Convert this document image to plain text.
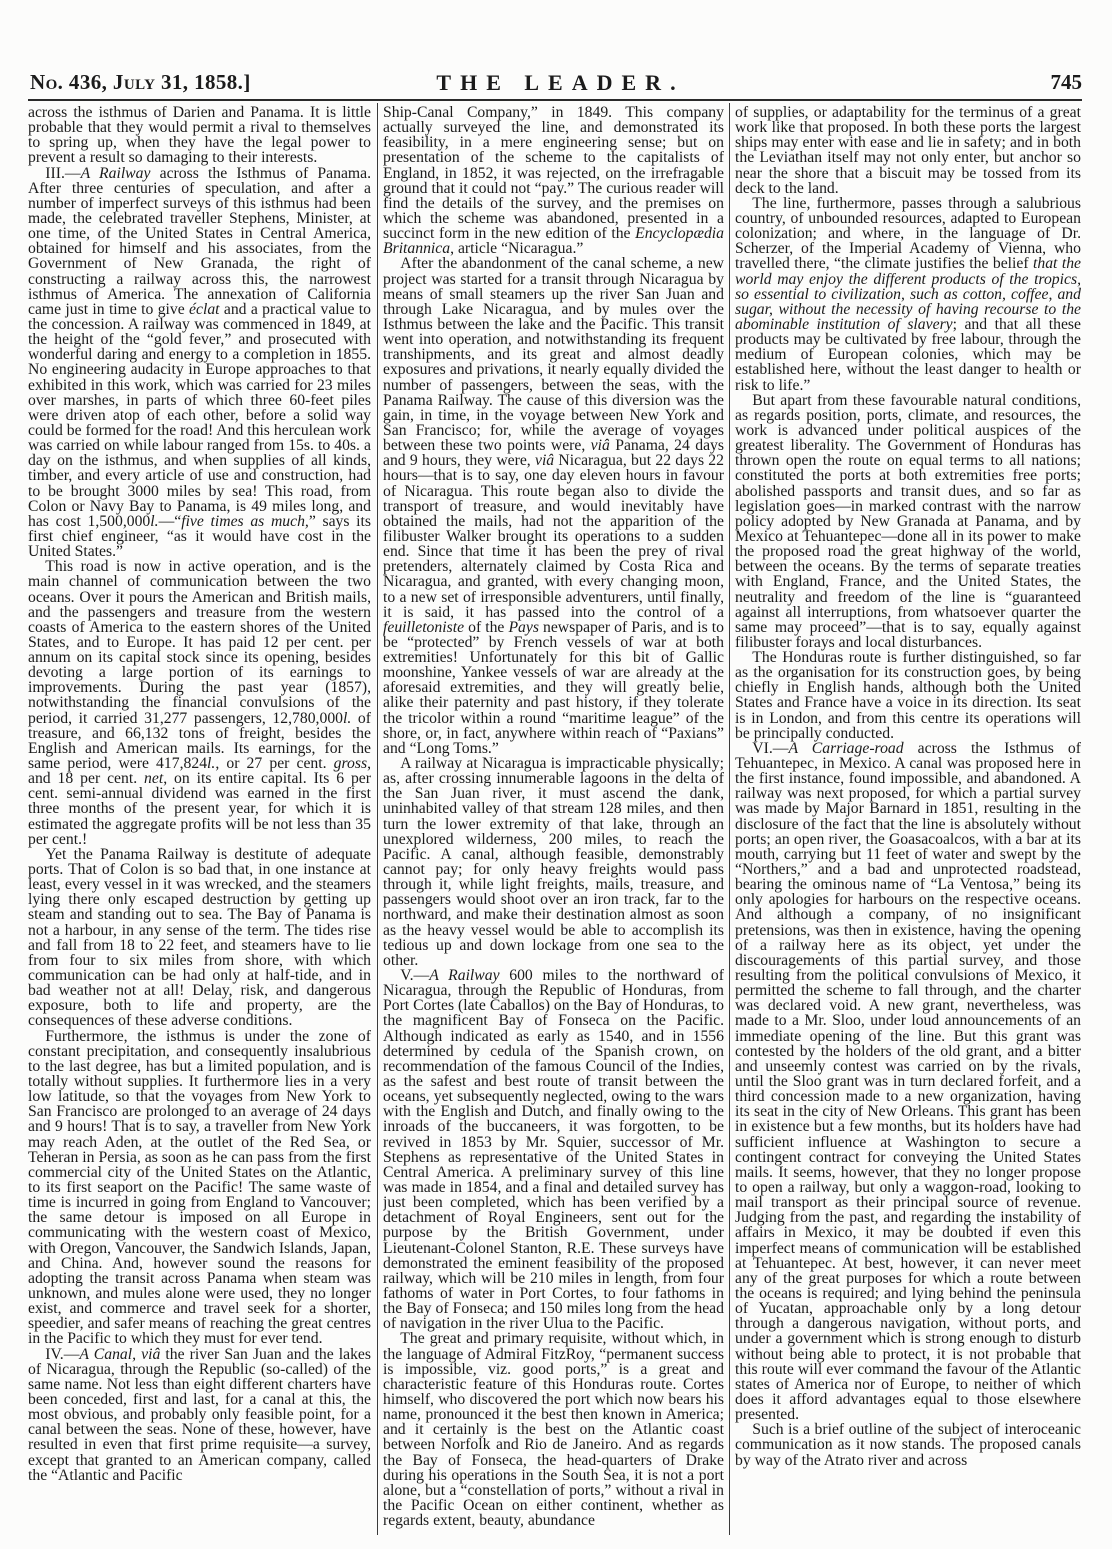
No. 436, July 31, 1858.]	THE LEADER.	745

across the isthmus of Darien and Panama. It is little probable that they would permit a rival to themselves to spring up, when they have the legal power to prevent a result so damaging to their interests.

III.—A Railway across the Isthmus of Panama. After three centuries of speculation, and after a number of imperfect surveys of this isthmus had been made, the celebrated traveller Stephens, Minister, at one time, of the United States in Central America, obtained for himself and his associates, from the Government of New Granada, the right of constructing a railway across this, the narrowest isthmus of America. The annexation of California came just in time to give éclat and a practical value to the concession. A railway was commenced in 1849, at the height of the “gold fever,” and prosecuted with wonderful daring and energy to a completion in 1855. No engineering audacity in Europe approaches to that exhibited in this work, which was carried for 23 miles over marshes, in parts of which three 60-feet piles were driven atop of each other, before a solid way could be formed for the road! And this herculean work was carried on while labour ranged from 15s. to 40s. a day on the isthmus, and when supplies of all kinds, timber, and every article of use and construction, had to be brought 3000 miles by sea! This road, from Colon or Navy Bay to Panama, is 49 miles long, and has cost 1,500,000l.—“five times as much,” says its first chief engineer, “as it would have cost in the United States.”

This road is now in active operation, and is the main channel of communication between the two oceans. Over it pours the American and British mails, and the passengers and treasure from the western coasts of America to the eastern shores of the United States, and to Europe. It has paid 12 per cent. per annum on its capital stock since its opening, besides devoting a large portion of its earnings to improvements. During the past year (1857), notwithstanding the financial convulsions of the period, it carried 31,277 passengers, 12,780,000l. of treasure, and 66,132 tons of freight, besides the English and American mails. Its earnings, for the same period, were 417,824l., or 27 per cent. gross, and 18 per cent. net, on its entire capital. Its 6 per cent. semi-annual dividend was earned in the first three months of the present year, for which it is estimated the aggregate profits will be not less than 35 per cent.!

Yet the Panama Railway is destitute of adequate ports. That of Colon is so bad that, in one instance at least, every vessel in it was wrecked, and the steamers lying there only escaped destruction by getting up steam and standing out to sea. The Bay of Panama is not a harbour, in any sense of the term. The tides rise and fall from 18 to 22 feet, and steamers have to lie from four to six miles from shore, with which communication can be had only at half-tide, and in bad weather not at all! Delay, risk, and dangerous exposure, both to life and property, are the consequences of these adverse conditions.

Furthermore, the isthmus is under the zone of constant precipitation, and consequently insalubrious to the last degree, has but a limited population, and is totally without supplies. It furthermore lies in a very low latitude, so that the voyages from New York to San Francisco are prolonged to an average of 24 days and 9 hours! That is to say, a traveller from New York may reach Aden, at the outlet of the Red Sea, or Teheran in Persia, as soon as he can pass from the first commercial city of the United States on the Atlantic, to its first seaport on the Pacific! The same waste of time is incurred in going from England to Vancouver; the same detour is imposed on all Europe in communicating with the western coast of Mexico, with Oregon, Vancouver, the Sandwich Islands, Japan, and China. And, however sound the reasons for adopting the transit across Panama when steam was unknown, and mules alone were used, they no longer exist, and commerce and travel seek for a shorter, speedier, and safer means of reaching the great centres in the Pacific to which they must for ever tend.

IV.—A Canal, viâ the river San Juan and the lakes of Nicaragua, through the Republic (so-called) of the same name. Not less than eight different charters have been conceded, first and last, for a canal at this, the most obvious, and probably only feasible point, for a canal between the seas. None of these, however, have resulted in even that first prime requisite—a survey, except that granted to an American company, called the “Atlantic and Pacific

Ship-Canal Company,” in 1849. This company actually surveyed the line, and demonstrated its feasibility, in a mere engineering sense; but on presentation of the scheme to the capitalists of England, in 1852, it was rejected, on the irrefragable ground that it could not “pay.” The curious reader will find the details of the survey, and the premises on which the scheme was abandoned, presented in a succinct form in the new edition of the Encyclopædia Britannica, article “Nicaragua.”

After the abandonment of the canal scheme, a new project was started for a transit through Nicaragua by means of small steamers up the river San Juan and through Lake Nicaragua, and by mules over the Isthmus between the lake and the Pacific. This transit went into operation, and notwithstanding its frequent transhipments, and its great and almost deadly exposures and privations, it nearly equally divided the number of passengers, between the seas, with the Panama Railway. The cause of this diversion was the gain, in time, in the voyage between New York and San Francisco; for, while the average of voyages between these two points were, viâ Panama, 24 days and 9 hours, they were, viâ Nicaragua, but 22 days 22 hours—that is to say, one day eleven hours in favour of Nicaragua. This route began also to divide the transport of treasure, and would inevitably have obtained the mails, had not the apparition of the filibuster Walker brought its operations to a sudden end. Since that time it has been the prey of rival pretenders, alternately claimed by Costa Rica and Nicaragua, and granted, with every changing moon, to a new set of irresponsible adventurers, until finally, it is said, it has passed into the control of a feuilletoniste of the Pays newspaper of Paris, and is to be “protected” by French vessels of war at both extremities! Unfortunately for this bit of Gallic moonshine, Yankee vessels of war are already at the aforesaid extremities, and they will greatly belie, alike their paternity and past history, if they tolerate the tricolor within a round “maritime league” of the shore, or, in fact, anywhere within reach of “Paxians” and “Long Toms.”

A railway at Nicaragua is impracticable physically; as, after crossing innumerable lagoons in the delta of the San Juan river, it must ascend the dank, uninhabited valley of that stream 128 miles, and then turn the lower extremity of that lake, through an unexplored wilderness, 200 miles, to reach the Pacific. A canal, although feasible, demonstrably cannot pay; for only heavy freights would pass through it, while light freights, mails, treasure, and passengers would shoot over an iron track, far to the northward, and make their destination almost as soon as the heavy vessel would be able to accomplish its tedious up and down lockage from one sea to the other.

V.—A Railway 600 miles to the northward of Nicaragua, through the Republic of Honduras, from Port Cortes (late Caballos) on the Bay of Honduras, to the magnificent Bay of Fonseca on the Pacific. Although indicated as early as 1540, and in 1556 determined by cedula of the Spanish crown, on recommendation of the famous Council of the Indies, as the safest and best route of transit between the oceans, yet subsequently neglected, owing to the wars with the English and Dutch, and finally owing to the inroads of the buccaneers, it was forgotten, to be revived in 1853 by Mr. Squier, successor of Mr. Stephens as representative of the United States in Central America. A preliminary survey of this line was made in 1854, and a final and detailed survey has just been completed, which has been verified by a detachment of Royal Engineers, sent out for the purpose by the British Government, under Lieutenant-Colonel Stanton, R.E. These surveys have demonstrated the eminent feasibility of the proposed railway, which will be 210 miles in length, from four fathoms of water in Port Cortes, to four fathoms in the Bay of Fonseca; and 150 miles long from the head of navigation in the river Ulua to the Pacific.

The great and primary requisite, without which, in the language of Admiral FitzRoy, “permanent success is impossible, viz. good ports,” is a great and characteristic feature of this Honduras route. Cortes himself, who discovered the port which now bears his name, pronounced it the best then known in America; and it certainly is the best on the Atlantic coast between Norfolk and Rio de Janeiro. And as regards the Bay of Fonseca, the head-quarters of Drake during his operations in the South Sea, it is not a port alone, but a “constellation of ports,” without a rival in the Pacific Ocean on either continent, whether as regards extent, beauty, abundance

of supplies, or adaptability for the terminus of a great work like that proposed. In both these ports the largest ships may enter with ease and lie in safety; and in both the Leviathan itself may not only enter, but anchor so near the shore that a biscuit may be tossed from its deck to the land.

The line, furthermore, passes through a salubrious country, of unbounded resources, adapted to European colonization; and where, in the language of Dr. Scherzer, of the Imperial Academy of Vienna, who travelled there, “the climate justifies the belief that the world may enjoy the different products of the tropics, so essential to civilization, such as cotton, coffee, and sugar, without the necessity of having recourse to the abominable institution of slavery; and that all these products may be cultivated by free labour, through the medium of European colonies, which may be established here, without the least danger to health or risk to life.”

But apart from these favourable natural conditions, as regards position, ports, climate, and resources, the work is advanced under political auspices of the greatest liberality. The Government of Honduras has thrown open the route on equal terms to all nations; constituted the ports at both extremities free ports; abolished passports and transit dues, and so far as legislation goes—in marked contrast with the narrow policy adopted by New Granada at Panama, and by Mexico at Tehuantepec—done all in its power to make the proposed road the great highway of the world, between the oceans. By the terms of separate treaties with England, France, and the United States, the neutrality and freedom of the line is “guaranteed against all interruptions, from whatsoever quarter the same may proceed”—that is to say, equally against filibuster forays and local disturbances.

The Honduras route is further distinguished, so far as the organisation for its construction goes, by being chiefly in English hands, although both the United States and France have a voice in its direction. Its seat is in London, and from this centre its operations will be principally conducted.

VI.—A Carriage-road across the Isthmus of Tehuantepec, in Mexico. A canal was proposed here in the first instance, found impossible, and abandoned. A railway was next proposed, for which a partial survey was made by Major Barnard in 1851, resulting in the disclosure of the fact that the line is absolutely without ports; an open river, the Goasacoalcos, with a bar at its mouth, carrying but 11 feet of water and swept by the “Northers,” and a bad and unprotected roadstead, bearing the ominous name of “La Ventosa,” being its only apologies for harbours on the respective oceans. And although a company, of no insignificant pretensions, was then in existence, having the opening of a railway here as its object, yet under the discouragements of this partial survey, and those resulting from the political convulsions of Mexico, it permitted the scheme to fall through, and the charter was declared void. A new grant, nevertheless, was made to a Mr. Sloo, under loud announcements of an immediate opening of the line. But this grant was contested by the holders of the old grant, and a bitter and unseemly contest was carried on by the rivals, until the Sloo grant was in turn declared forfeit, and a third concession made to a new organization, having its seat in the city of New Orleans. This grant has been in existence but a few months, but its holders have had sufficient influence at Washington to secure a contingent contract for conveying the United States mails. It seems, however, that they no longer propose to open a railway, but only a waggon-road, looking to mail transport as their principal source of revenue. Judging from the past, and regarding the instability of affairs in Mexico, it may be doubted if even this imperfect means of communication will be established at Tehuantepec. At best, however, it can never meet any of the great purposes for which a route between the oceans is required; and lying behind the peninsula of Yucatan, approachable only by a long detour through a dangerous navigation, without ports, and under a government which is strong enough to disturb without being able to protect, it is not probable that this route will ever command the favour of the Atlantic states of America nor of Europe, to neither of which does it afford advantages equal to those elsewhere presented.

Such is a brief outline of the subject of interoceanic communication as it now stands. The proposed canals by way of the Atrato river and across
